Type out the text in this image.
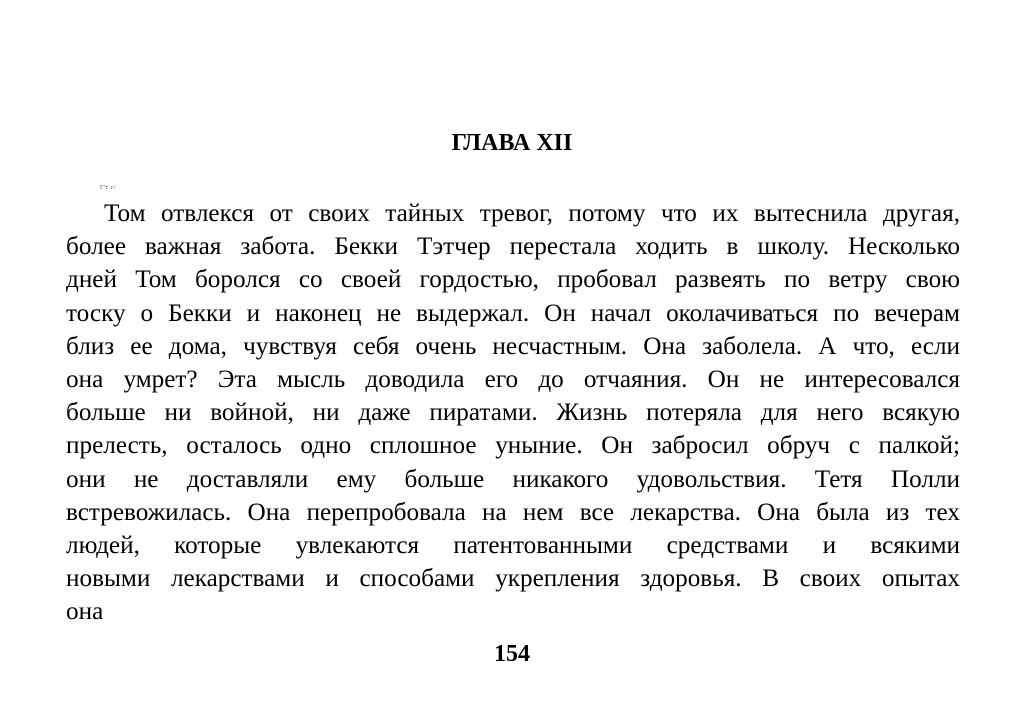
ГЛАВА XII
Г'т с/
Том отвлекся от своих тайных тревог, потому что их вытеснила другая,
более важная забота. Бекки Тэтчер перестала ходить в школу. Несколько
дней Том боролся со своей гордостью, пробовал развеять по ветру свою
тоску о Бекки и наконец не выдержал. Он начал околачиваться по вечерам
близ ее дома, чувствуя себя очень несчастным. Она заболела. А что, если
она умрет? Эта мысль доводила его до отчаяния. Он не интересовался
больше ни войной, ни даже пиратами. Жизнь потеряла для него всякую
прелесть, осталось одно сплошное уныние. Он забросил обруч с палкой;
они не доставляли ему больше никакого удовольствия. Тетя Полли
встревожилась. Она перепробовала на нем все лекарства. Она была из тех
людей, которые увлекаются патентованными средствами и всякими
новыми лекарствами и способами укрепления здоровья. В своих опытах
она
154
